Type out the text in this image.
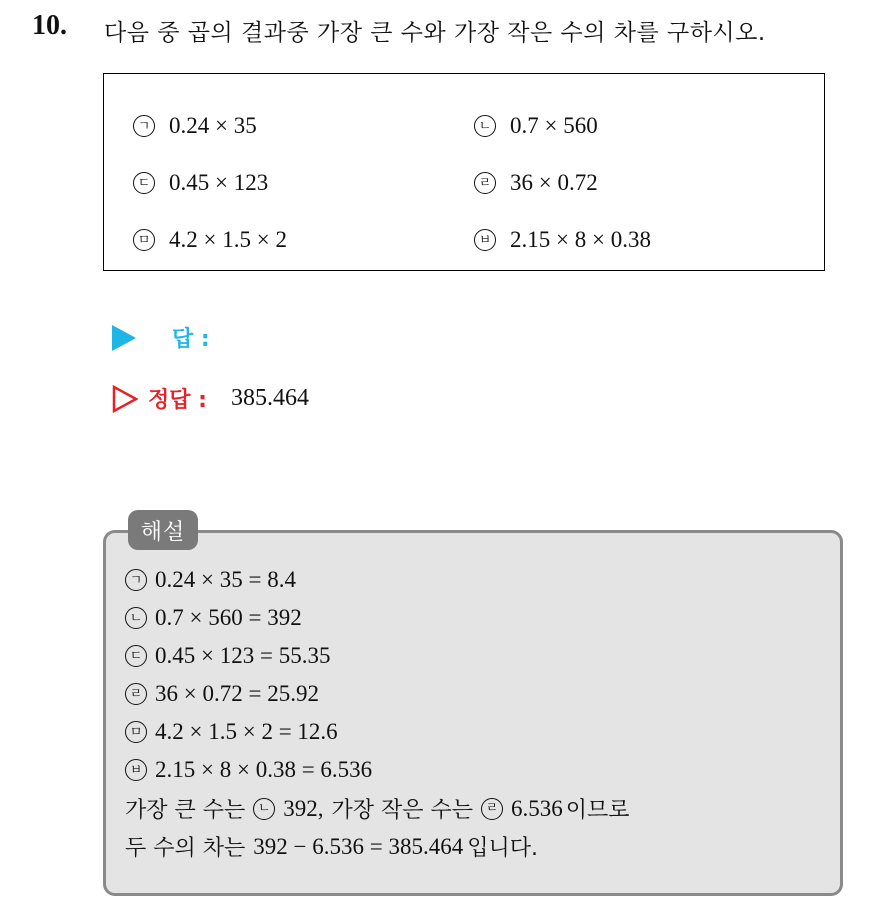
10. 다음 중 곱의 결과중 가장 큰 수와 가장 작은 수의 차를 구하시오.
ㄱ 0.24 × 35	ㄴ 0.7 × 560
ㄷ 0.45 × 123	ㄹ 36 × 0.72
ㅁ 4.2 × 1.5 × 2	ㅂ 2.15 × 8 × 0.38
답 :
정답 : 385.464
해설
ㄱ 0.24 × 35 = 8.4
ㄴ 0.7 × 560 = 392
ㄷ 0.45 × 123 = 55.35
ㄹ 36 × 0.72 = 25.92
ㅁ 4.2 × 1.5 × 2 = 12.6
ㅂ 2.15 × 8 × 0.38 = 6.536
가장 큰 수는 ㄴ 392, 가장 작은 수는 ㄹ 6.536 이므로
두 수의 차는 392 − 6.536 = 385.464 입니다.
